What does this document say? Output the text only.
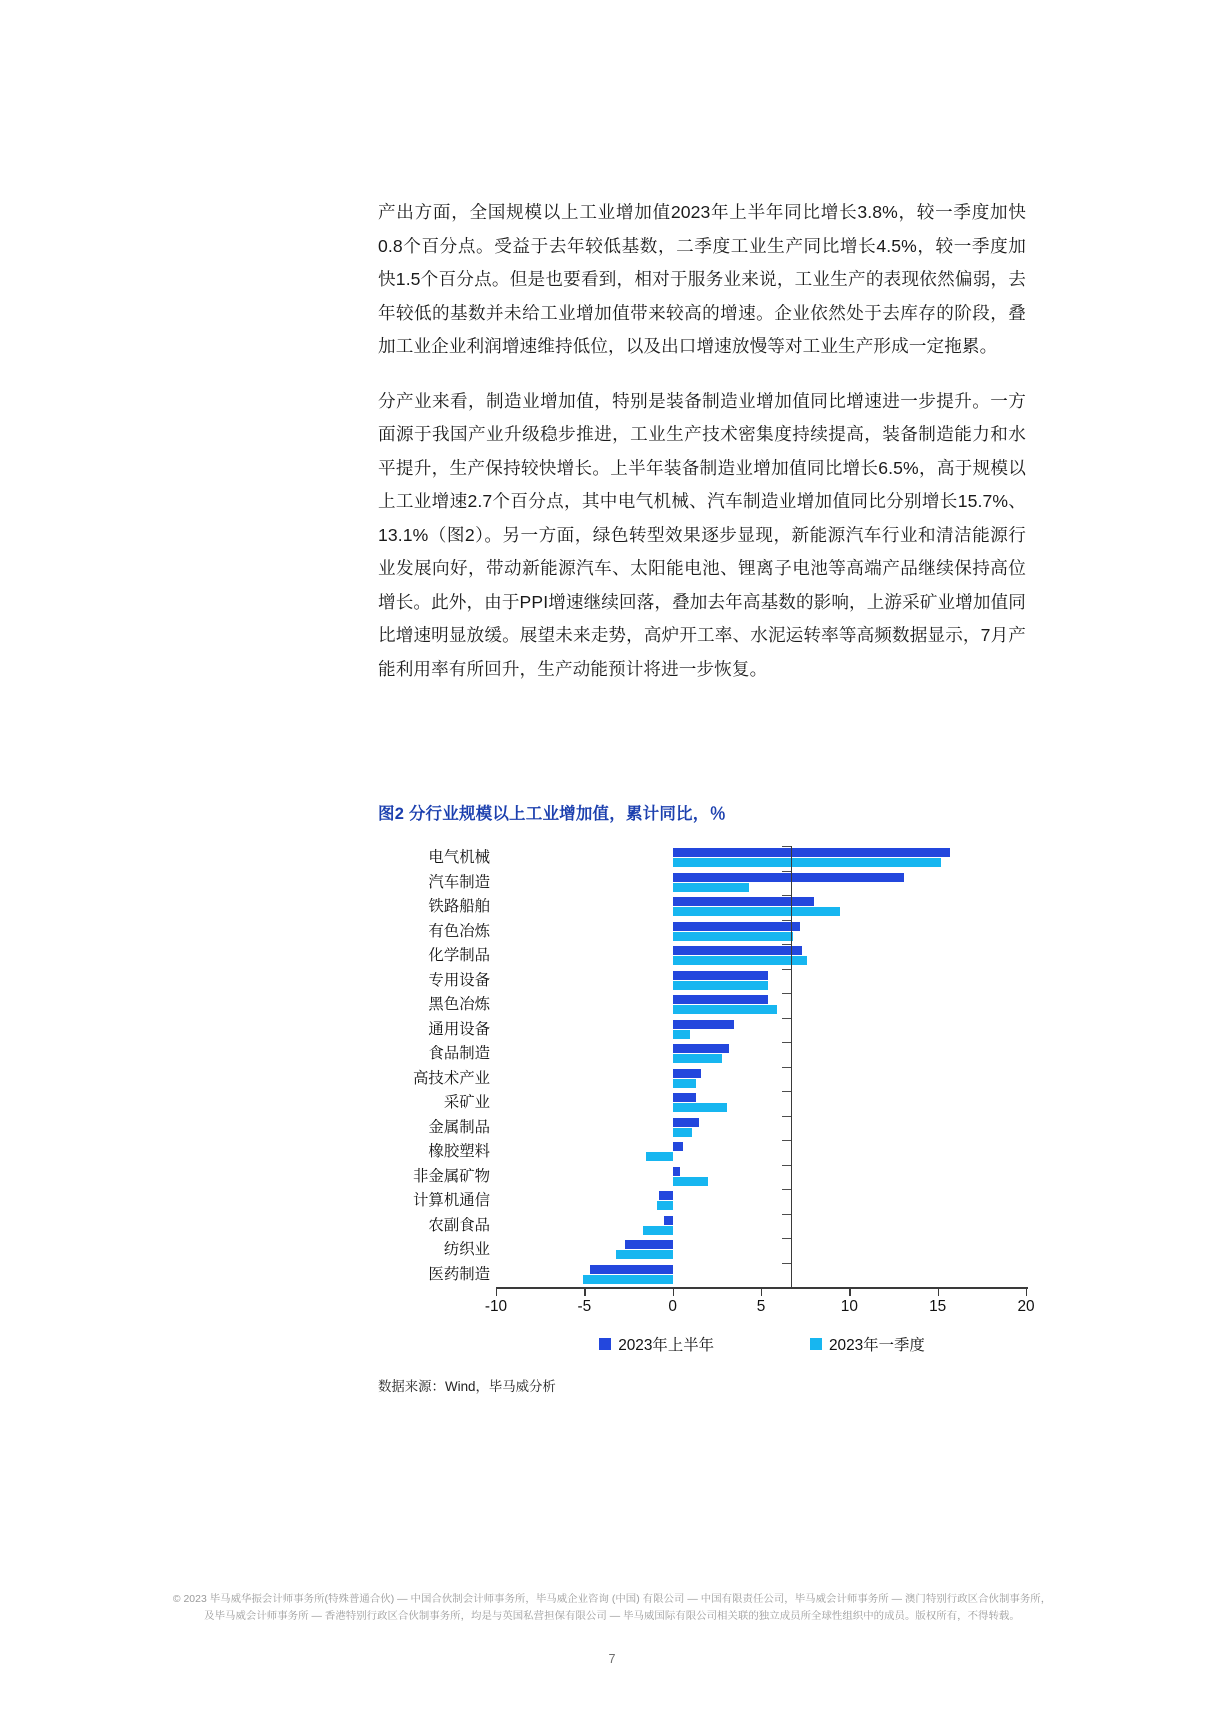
产出方面，全国规模以上工业增加值2023年上半年同比增长3.8%，较一季度加快0.8个百分点。受益于去年较低基数，二季度工业生产同比增长4.5%，较一季度加快1.5个百分点。但是也要看到，相对于服务业来说，工业生产的表现依然偏弱，去年较低的基数并未给工业增加值带来较高的增速。企业依然处于去库存的阶段，叠加工业企业利润增速维持低位，以及出口增速放慢等对工业生产形成一定拖累。

分产业来看，制造业增加值，特别是装备制造业增加值同比增速进一步提升。一方面源于我国产业升级稳步推进，工业生产技术密集度持续提高，装备制造能力和水平提升，生产保持较快增长。上半年装备制造业增加值同比增长6.5%，高于规模以上工业增速2.7个百分点，其中电气机械、汽车制造业增加值同比分别增长15.7%、13.1%（图2）。另一方面，绿色转型效果逐步显现，新能源汽车行业和清洁能源行业发展向好，带动新能源汽车、太阳能电池、锂离子电池等高端产品继续保持高位增长。此外，由于PPI增速继续回落，叠加去年高基数的影响，上游采矿业增加值同比增速明显放缓。展望未来走势，高炉开工率、水泥运转率等高频数据显示，7月产能利用率有所回升，生产动能预计将进一步恢复。

图2 分行业规模以上工业增加值，累计同比，％
电气机械
汽车制造
铁路船舶
有色冶炼
化学制品
专用设备
黑色冶炼
通用设备
食品制造
高技术产业
采矿业
金属制品
橡胶塑料
非金属矿物
计算机通信
农副食品
纺织业
医药制造
-10	-5	0	5	10	15	20
2023年上半年	2023年一季度
数据来源：Wind，毕马威分析
© 2023 毕马威华振会计师事务所(特殊普通合伙) — 中国合伙制会计师事务所，毕马威企业咨询 (中国) 有限公司 — 中国有限责任公司，毕马威会计师事务所 — 澳门特别行政区合伙制事务所，
及毕马威会计师事务所 — 香港特别行政区合伙制事务所，均是与英国私营担保有限公司 — 毕马威国际有限公司相关联的独立成员所全球性组织中的成员。版权所有，不得转载。
7
